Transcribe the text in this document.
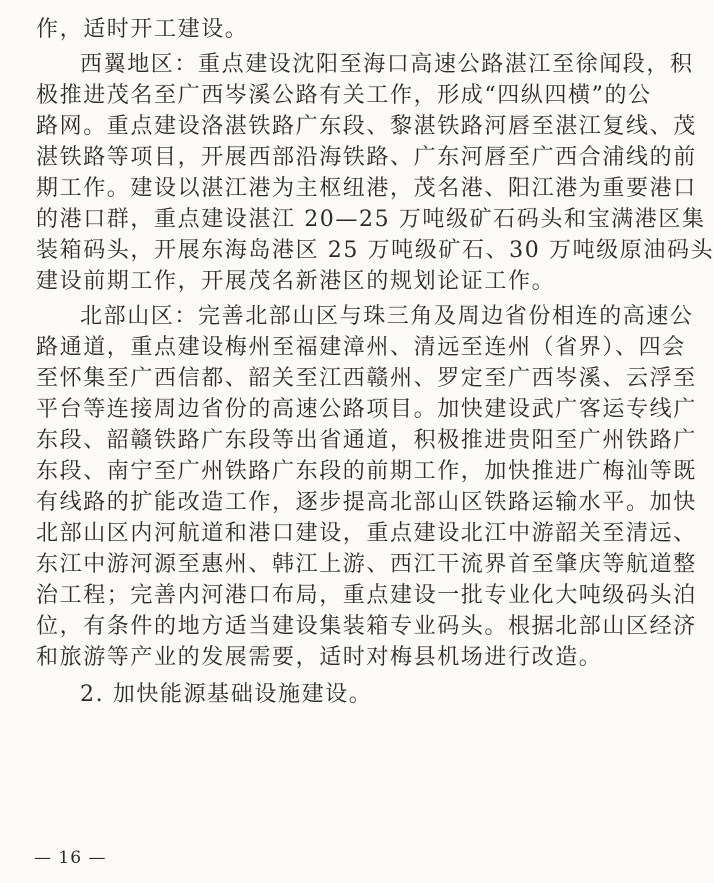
作，适时开工建设。
西翼地区：重点建设沈阳至海口高速公路湛江至徐闻段，积
极推进茂名至广西岑溪公路有关工作，形成“四纵四横”的公
路网。重点建设洛湛铁路广东段、黎湛铁路河唇至湛江复线、茂
湛铁路等项目，开展西部沿海铁路、广东河唇至广西合浦线的前
期工作。建设以湛江港为主枢纽港，茂名港、阳江港为重要港口
的港口群，重点建设湛江 20—25 万吨级矿石码头和宝满港区集
装箱码头，开展东海岛港区 25 万吨级矿石、30 万吨级原油码头
建设前期工作，开展茂名新港区的规划论证工作。
北部山区：完善北部山区与珠三角及周边省份相连的高速公
路通道，重点建设梅州至福建漳州、清远至连州（省界）、四会
至怀集至广西信都、韶关至江西赣州、罗定至广西岑溪、云浮至
平台等连接周边省份的高速公路项目。加快建设武广客运专线广
东段、韶赣铁路广东段等出省通道，积极推进贵阳至广州铁路广
东段、南宁至广州铁路广东段的前期工作，加快推进广梅汕等既
有线路的扩能改造工作，逐步提高北部山区铁路运输水平。加快
北部山区内河航道和港口建设，重点建设北江中游韶关至清远、
东江中游河源至惠州、韩江上游、西江干流界首至肇庆等航道整
治工程；完善内河港口布局，重点建设一批专业化大吨级码头泊
位，有条件的地方适当建设集装箱专业码头。根据北部山区经济
和旅游等产业的发展需要，适时对梅县机场进行改造。
2. 加快能源基础设施建设。
— 16 —
